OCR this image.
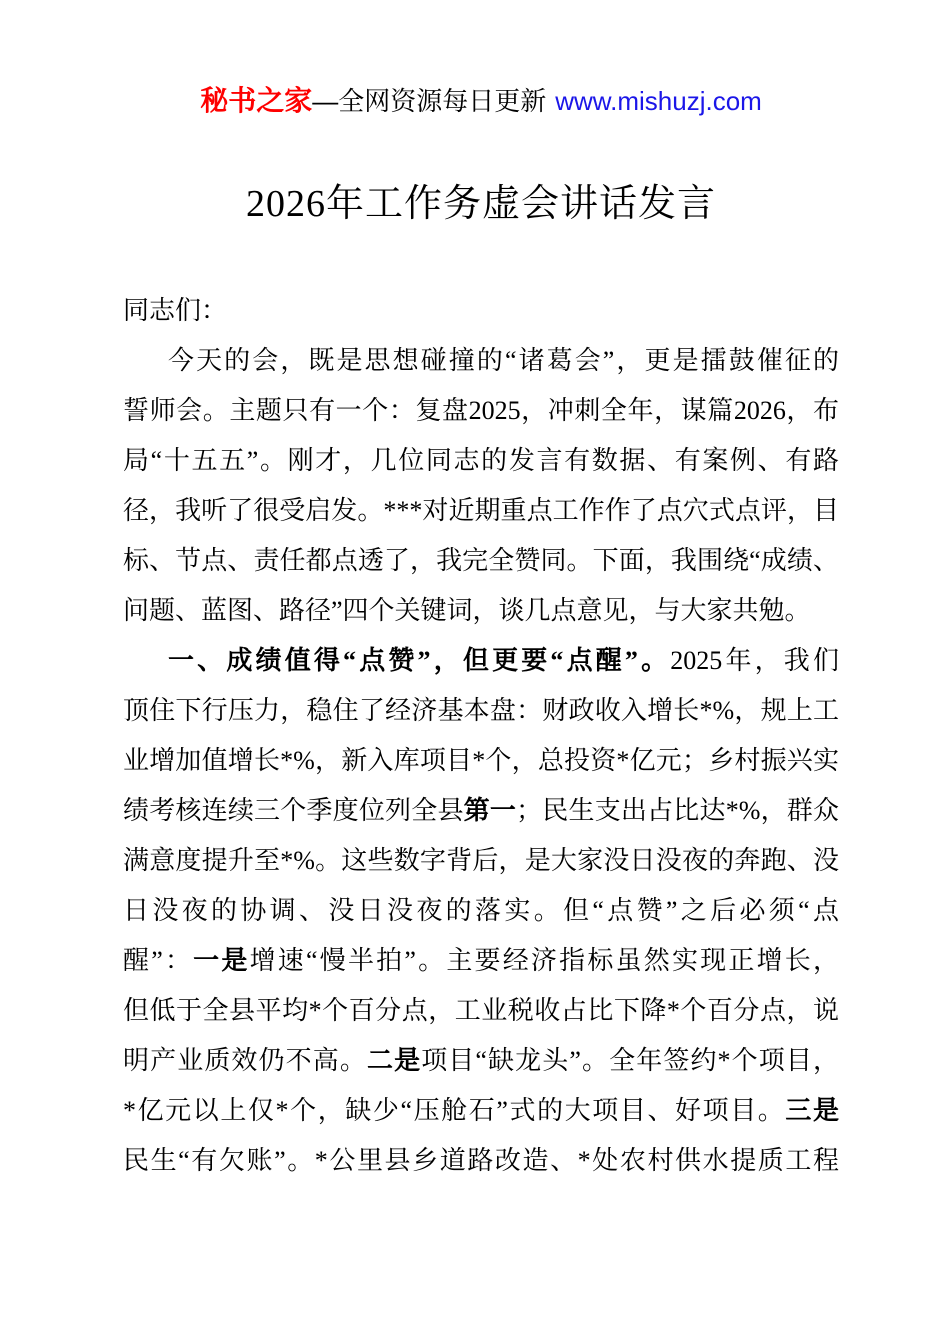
秘书之家—全网资源每日更新 www.mishuzj.com
2026年工作务虚会讲话发言
同志们：
今天的会，既是思想碰撞的“诸葛会”，更是擂鼓催征的
誓师会。主题只有一个：复盘2025，冲刺全年，谋篇2026，布
局“十五五”。刚才，几位同志的发言有数据、有案例、有路
径，我听了很受启发。***对近期重点工作作了点穴式点评，目
标、节点、责任都点透了，我完全赞同。下面，我围绕“成绩、
问题、蓝图、路径”四个关键词，谈几点意见，与大家共勉。
一、成绩值得“点赞”，但更要“点醒”。2025年，我们
顶住下行压力，稳住了经济基本盘：财政收入增长*%，规上工
业增加值增长*%，新入库项目*个，总投资*亿元；乡村振兴实
绩考核连续三个季度位列全县第一；民生支出占比达*%，群众
满意度提升至*%。这些数字背后，是大家没日没夜的奔跑、没
日没夜的协调、没日没夜的落实。但“点赞”之后必须“点
醒”：一是增速“慢半拍”。主要经济指标虽然实现正增长，
但低于全县平均*个百分点，工业税收占比下降*个百分点，说
明产业质效仍不高。二是项目“缺龙头”。全年签约*个项目，
*亿元以上仅*个，缺少“压舱石”式的大项目、好项目。三是
民生“有欠账”。*公里县乡道路改造、*处农村供水提质工程
